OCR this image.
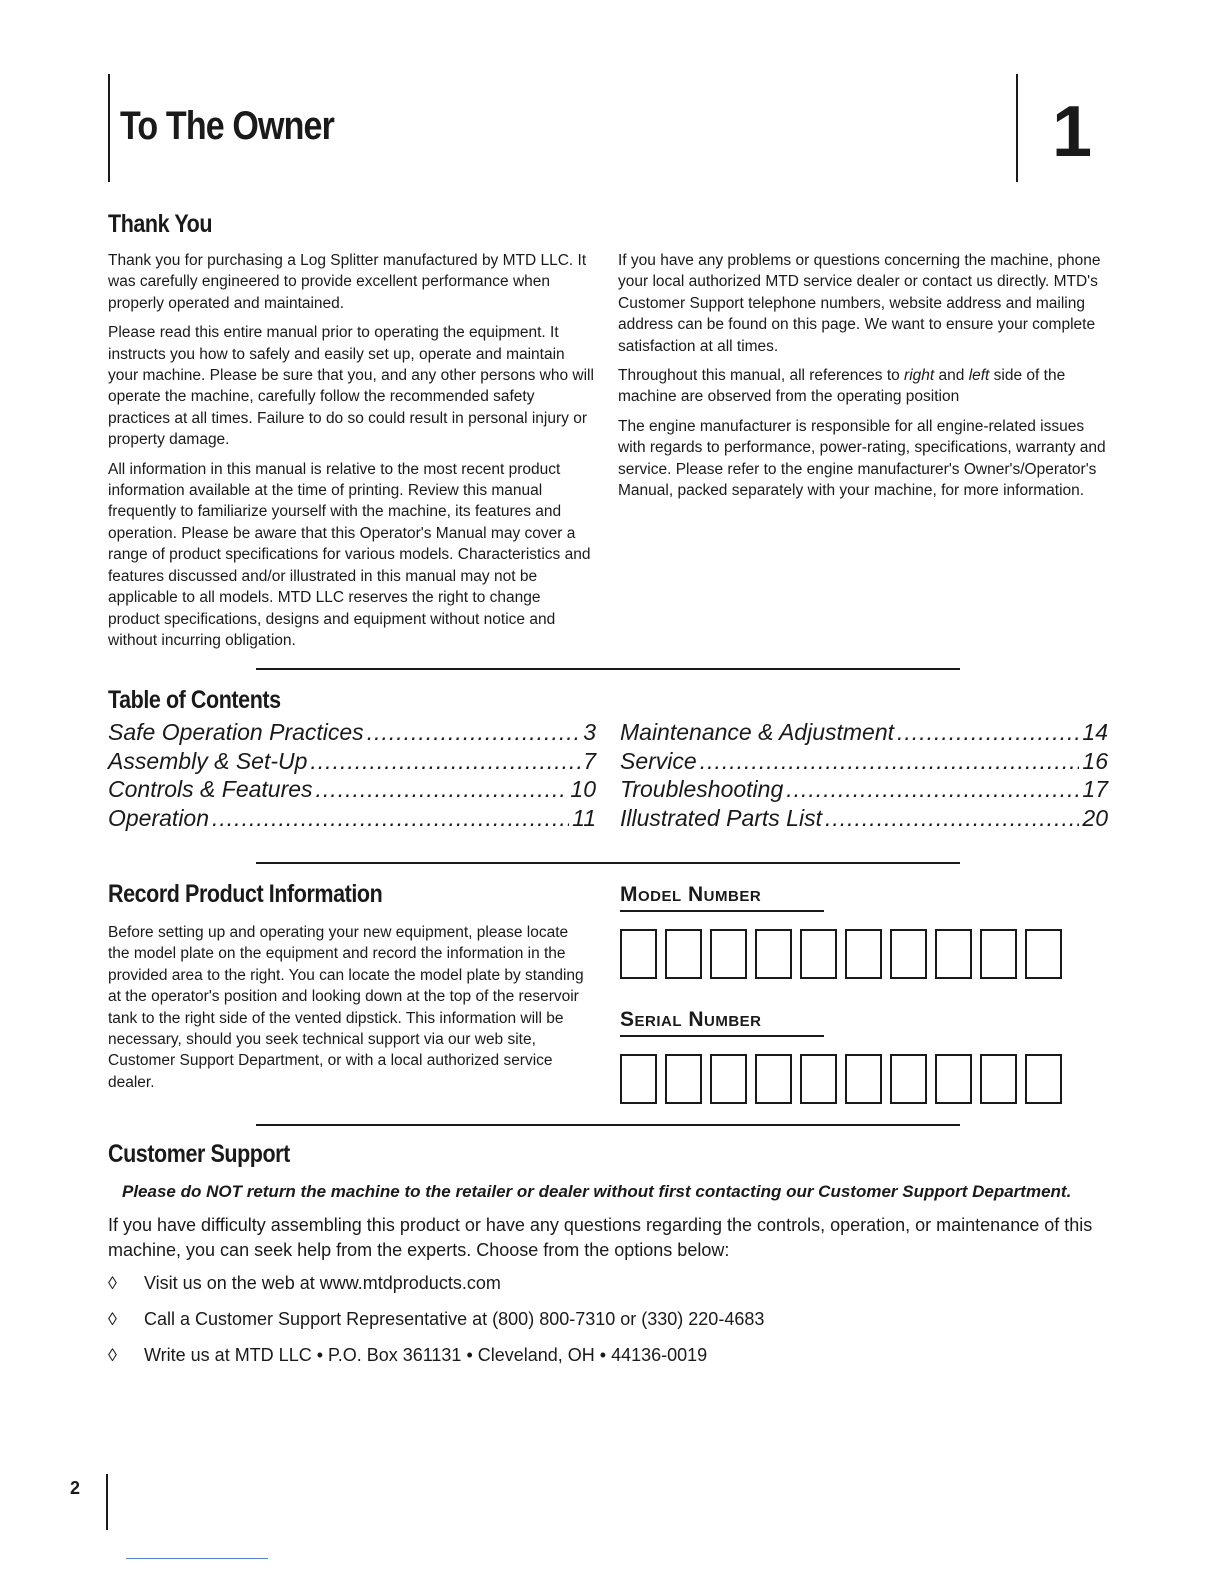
To The Owner	1
Thank You

Thank you for purchasing a Log Splitter manufactured by MTD LLC. It was carefully engineered to provide excellent performance when properly operated and maintained.

Please read this entire manual prior to operating the equipment. It instructs you how to safely and easily set up, operate and maintain your machine. Please be sure that you, and any other persons who will operate the machine, carefully follow the recommended safety practices at all times. Failure to do so could result in personal injury or property damage.

All information in this manual is relative to the most recent product information available at the time of printing. Review this manual frequently to familiarize yourself with the machine, its features and operation. Please be aware that this Operator's Manual may cover a range of product specifications for various models. Characteristics and features discussed and/or illustrated in this manual may not be applicable to all models. MTD LLC reserves the right to change product specifications, designs and equipment without notice and without incurring obligation.

If you have any problems or questions concerning the machine, phone your local authorized MTD service dealer or contact us directly. MTD's Customer Support telephone numbers, website address and mailing address can be found on this page. We want to ensure your complete satisfaction at all times.

Throughout this manual, all references to right and left side of the machine are observed from the operating position

The engine manufacturer is responsible for all engine-related issues with regards to performance, power-rating, specifications, warranty and service. Please refer to the engine manufacturer's Owner's/Operator's Manual, packed separately with your machine, for more information.

Table of Contents
Safe Operation Practices .....	3
Assembly & Set-Up .....	7
Controls & Features .....	10
Operation .....	11
Maintenance & Adjustment .....	14
Service .....	16
Troubleshooting .....	17
Illustrated Parts List .....	20
Record Product Information
Before setting up and operating your new equipment, please locate the model plate on the equipment and record the information in the provided area to the right. You can locate the model plate by standing at the operator's position and looking down at the top of the reservoir tank to the right side of the vented dipstick. This information will be necessary, should you seek technical support via our web site, Customer Support Department, or with a local authorized service dealer.
Model Number
Serial Number
Customer Support
Please do NOT return the machine to the retailer or dealer without first contacting our Customer Support Department.
If you have difficulty assembling this product or have any questions regarding the controls, operation, or maintenance of this machine, you can seek help from the experts. Choose from the options below:
◊	Visit us on the web at www.mtdproducts.com
◊	Call a Customer Support Representative at (800) 800-7310 or (330) 220-4683
◊	Write us at MTD LLC • P.O. Box 361131 • Cleveland, OH • 44136-0019
2
